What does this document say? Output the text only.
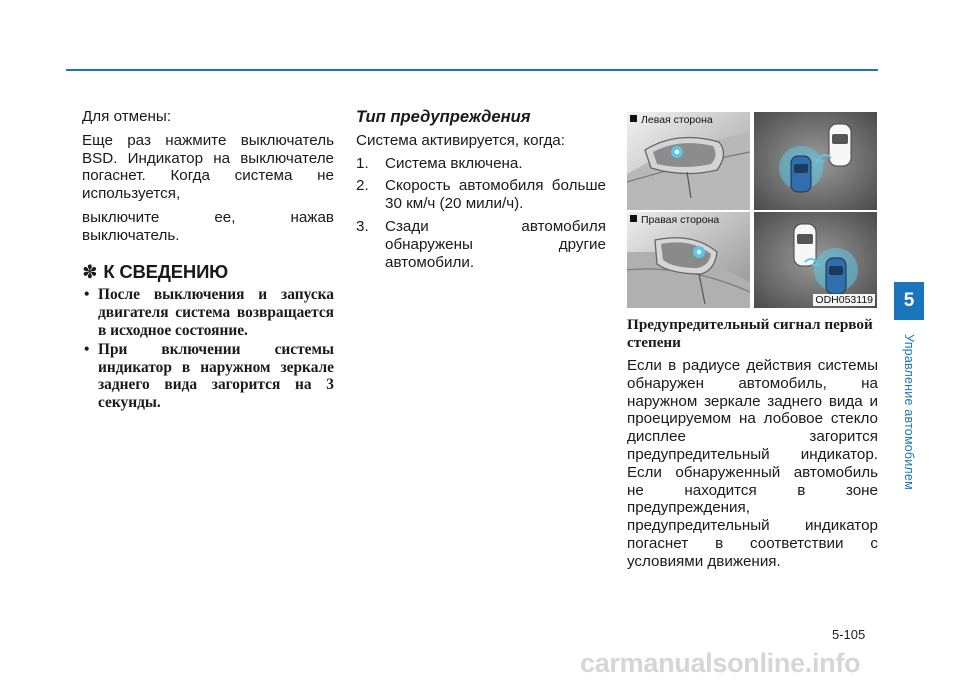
Для отмены:

Еще раз нажмите выключатель BSD. Индикатор на выключателе погаснет. Когда система не используется,

выключите ее, нажав

выключатель.

✽ К СВЕДЕНИЮ
• После выключения и запуска двигателя система возвращается в исходное состояние.
• При включении системы индикатор в наружном зеркале заднего вида загорится на 3 секунды.
Тип предупреждения

Система активируется, когда:

1. Система включена.
2. Скорость автомобиля больше 30 км/ч (20 мили/ч).
3. Сзади автомобиля обнаружены другие автомобили.
Левая сторона
Правая сторона
ODH053119
Предупредительный сигнал первой степени

Если в радиусе действия системы обнаружен автомобиль, на наружном зеркале заднего вида и проецируемом на лобовое стекло дисплее загорится предупредительный индикатор. Если обнаруженный автомобиль не находится в зоне предупреждения, предупредительный индикатор погаснет в соответствии с условиями движения.

5
Управление автомобилем
5-105
carmanualsonline.info
